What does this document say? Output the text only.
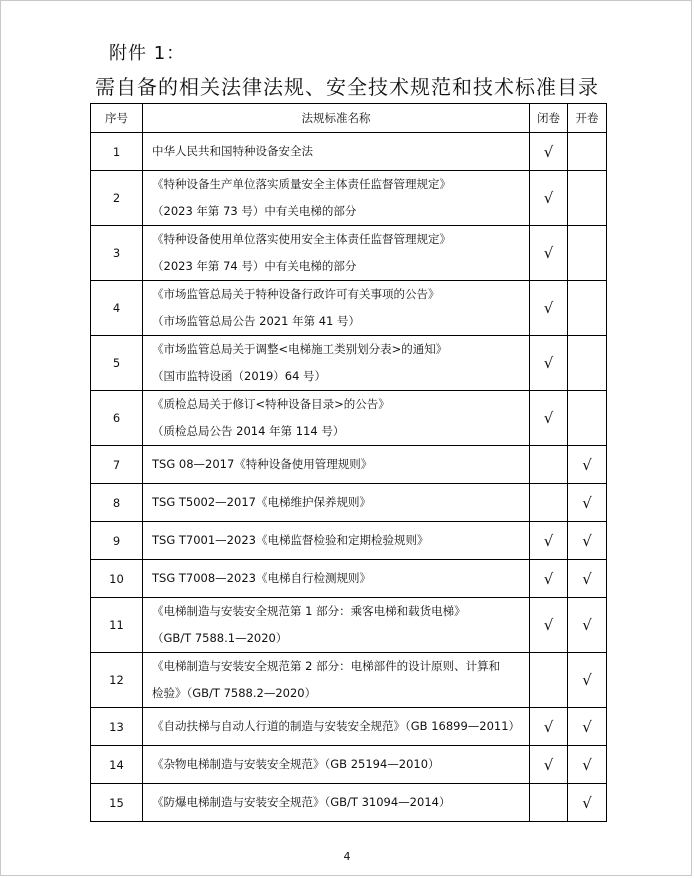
附件 1：
需自备的相关法律法规、安全技术规范和技术标准目录
序号	法规标准名称	闭卷	开卷
1	中华人民共和国特种设备安全法	√	
2	《特种设备生产单位落实质量安全主体责任监督管理规定》
（2023 年第 73 号）中有关电梯的部分	√	
3	《特种设备使用单位落实使用安全主体责任监督管理规定》
（2023 年第 74 号）中有关电梯的部分	√	
4	《市场监管总局关于特种设备行政许可有关事项的公告》
（市场监管总局公告 2021 年第 41 号）	√	
5	《市场监管总局关于调整<电梯施工类别划分表>的通知》
（国市监特设函（2019）64 号）	√	
6	《质检总局关于修订<特种设备目录>的公告》
（质检总局公告 2014 年第 114 号）	√	
7	TSG 08—2017《特种设备使用管理规则》		√
8	TSG T5002—2017《电梯维护保养规则》		√
9	TSG T7001—2023《电梯监督检验和定期检验规则》	√	√
10	TSG T7008—2023《电梯自行检测规则》	√	√
11	《电梯制造与安装安全规范第 1 部分：乘客电梯和载货电梯》
（GB/T 7588.1—2020）	√	√
12	《电梯制造与安装安全规范第 2 部分：电梯部件的设计原则、计算和
检验》（GB/T 7588.2—2020）		√
13	《自动扶梯与自动人行道的制造与安装安全规范》（GB 16899—2011）	√	√
14	《杂物电梯制造与安装安全规范》（GB 25194—2010）	√	√
15	《防爆电梯制造与安装安全规范》（GB/T 31094—2014）		√
4
